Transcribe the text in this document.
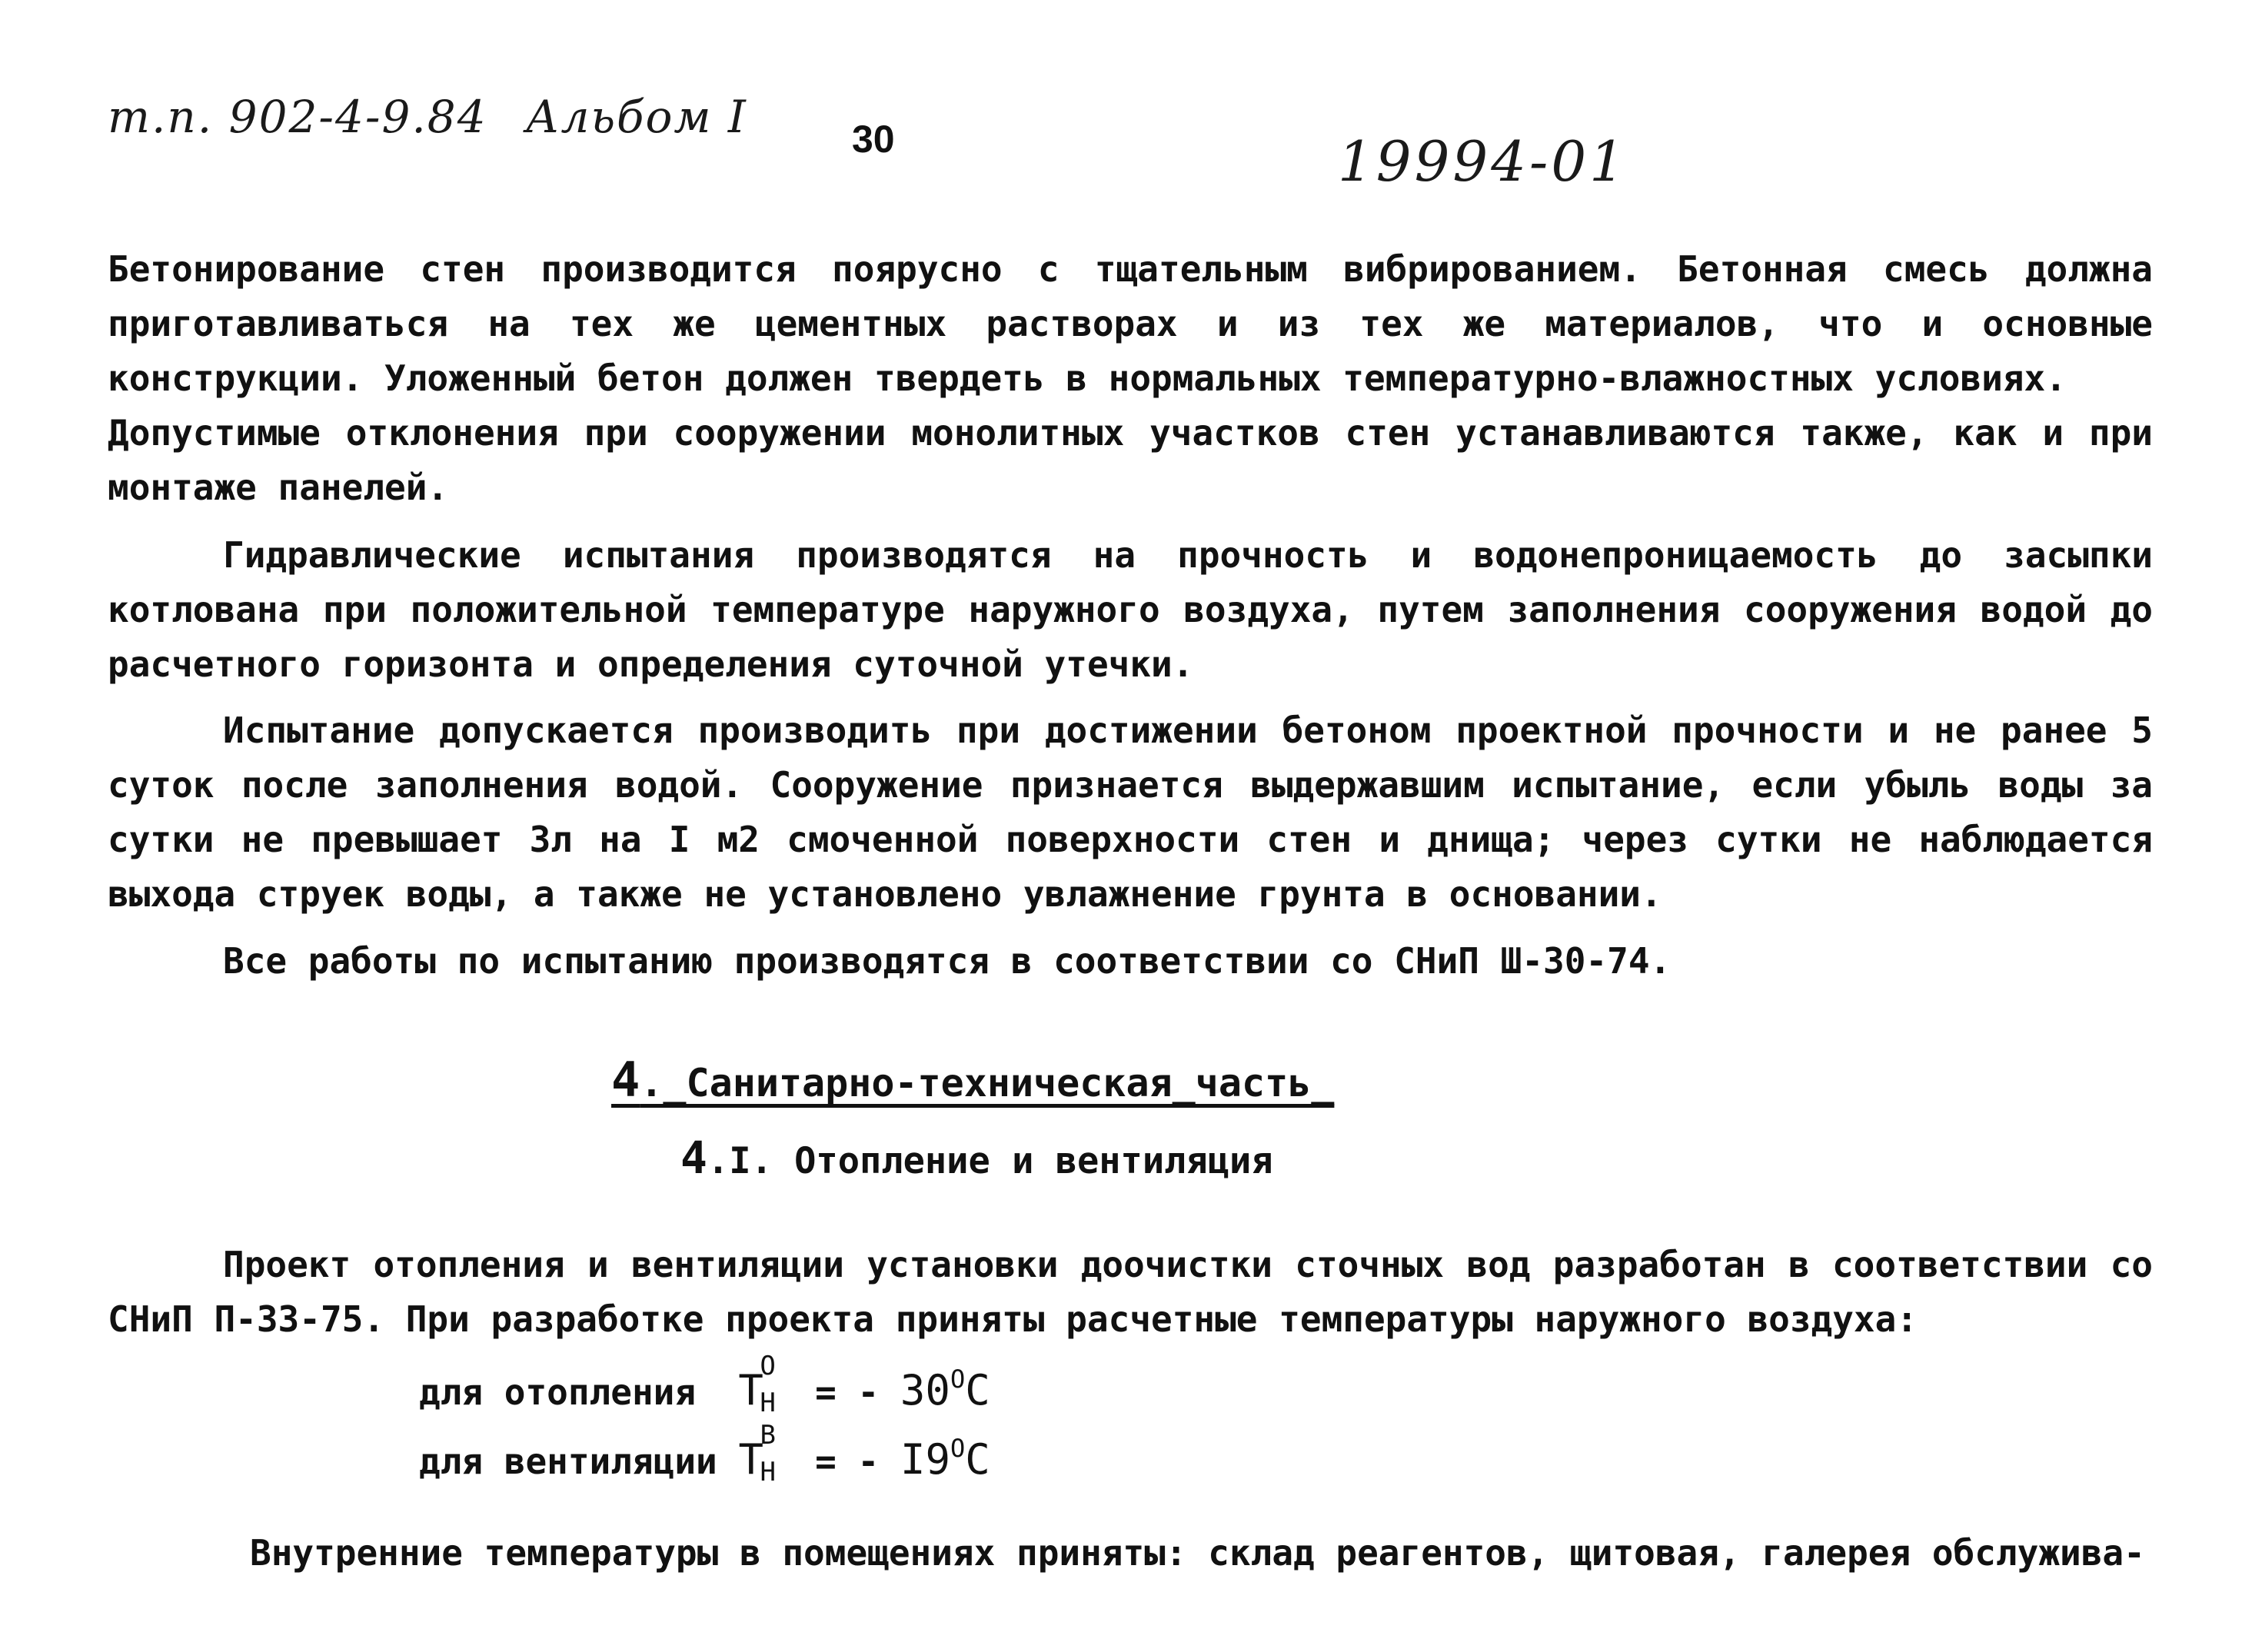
т.п. 902-4-9.84 Альбом I	30	19994-01

Бетонирование стен производится поярусно с тщательным вибрированием. Бетонная смесь должна приготавливаться на тех же цементных растворах и из тех же материалов, что и основные конструкции. Уложенный бетон должен твердеть в нормальных температурно-влажностных условиях.

Допустимые отклонения при сооружении монолитных участков стен устанавливаются также, как и при монтаже панелей.

Гидравлические испытания производятся на прочность и водонепроницаемость до засыпки котлована при положительной температуре наружного воздуха, путем заполнения сооружения водой до расчетного горизонта и определения суточной утечки.

Испытание допускается производить при достижении бетоном проектной прочности и не ранее 5 суток после заполнения водой. Сооружение признается выдержавшим испытание, если убыль воды за сутки не превышает 3л на I м2 смоченной поверхности стен и днища; через сутки не наблюдается выхода струек воды, а также не установлено увлажнение грунта в основании.

Все работы по испытанию производятся в соответствии со СНиП Ш-30-74.

4._Санитарно-техническая_часть_
4.I. Отопление и вентиляция

Проект отопления и вентиляции установки доочистки сточных вод разработан в соответствии со СНиП П-33-75. При разработке проекта приняты расчетные температуры наружного воздуха:

для отопления T
O
Н = - $30^OC$
для вентиляции T
B
Н = - $I9^OC$

Внутренние температуры в помещениях приняты: склад реагентов, щитовая, галерея обслужива-
